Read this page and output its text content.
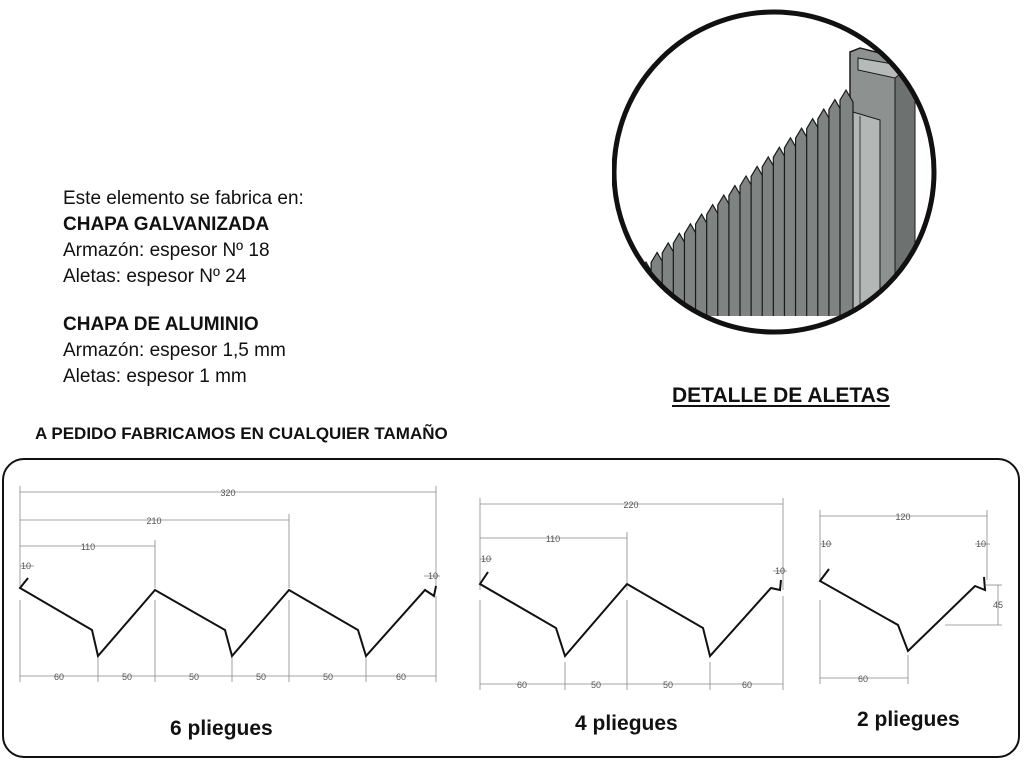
Este elemento se fabrica en:
CHAPA GALVANIZADA
Armazón: espesor Nº 18
Aletas: espesor Nº 24
CHAPA DE ALUMINIO
Armazón: espesor 1,5 mm
Aletas: espesor 1 mm
DETALLE DE ALETAS
A PEDIDO FABRICAMOS EN CUALQUIER TAMAÑO
320
210
110
10
10
60	50	50	50	50	60
220
110
10
10
60	50	50	60
120
10	10
45
60
6 pliegues	4 pliegues	2 pliegues
